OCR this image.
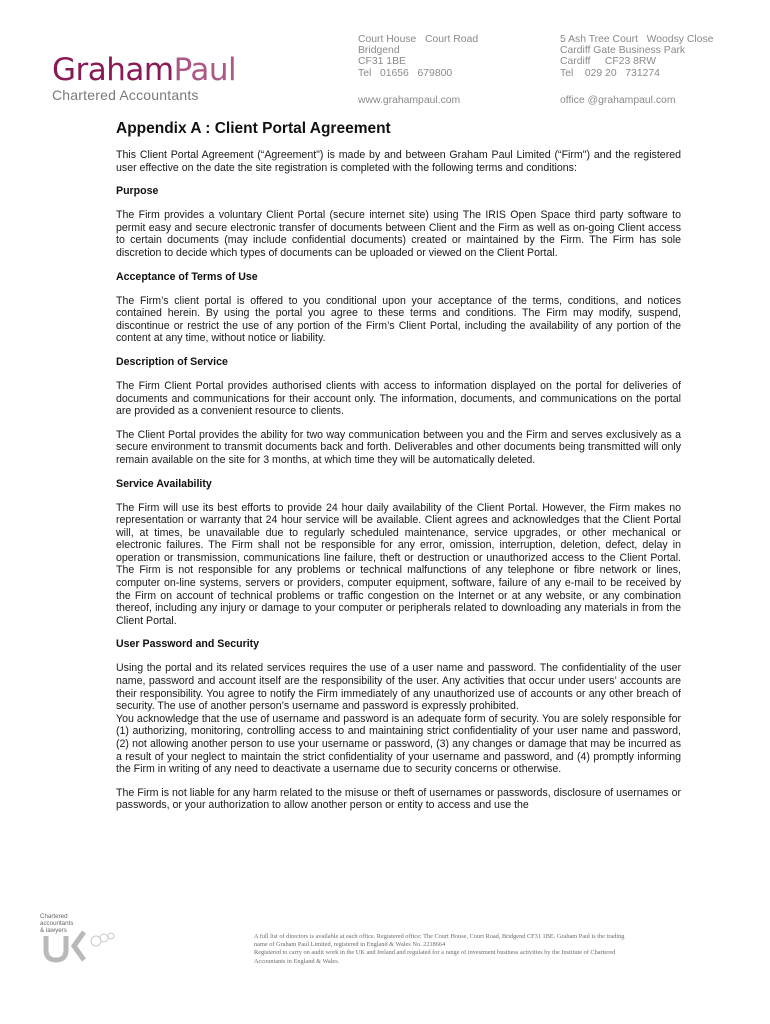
GrahamPaul
Chartered Accountants
Court House   Court Road
Bridgend
CF31 1BE
Tel   01656   679800
www.grahampaul.com
5 Ash Tree Court   Woodsy Close
Cardiff Gate Business Park
Cardiff     CF23 8RW
Tel    029 20   731274
office @grahampaul.com
Appendix A : Client Portal Agreement

This Client Portal Agreement (“Agreement") is made by and between Graham Paul Limited (“Firm") and the registered user effective on the date the site registration is completed with the following terms and conditions:

Purpose

The Firm provides a voluntary Client Portal (secure internet site) using The IRIS Open Space third party software to permit easy and secure electronic transfer of documents between Client and the Firm as well as on-going Client access to certain documents (may include confidential documents) created or maintained by the Firm. The Firm has sole discretion to decide which types of documents can be uploaded or viewed on the Client Portal.

Acceptance of Terms of Use

The Firm’s client portal is offered to you conditional upon your acceptance of the terms, conditions, and notices contained herein. By using the portal you agree to these terms and conditions. The Firm may modify, suspend, discontinue or restrict the use of any portion of the Firm’s Client Portal, including the availability of any portion of the content at any time, without notice or liability.

Description of Service

The Firm Client Portal provides authorised clients with access to information displayed on the portal for deliveries of documents and communications for their account only. The information, documents, and communications on the portal are provided as a convenient resource to clients.

The Client Portal provides the ability for two way communication between you and the Firm and serves exclusively as a secure environment to transmit documents back and forth. Deliverables and other documents being transmitted will only remain available on the site for 3 months, at which time they will be automatically deleted.

Service Availability

The Firm will use its best efforts to provide 24 hour daily availability of the Client Portal. However, the Firm makes no representation or warranty that 24 hour service will be available. Client agrees and acknowledges that the Client Portal will, at times, be unavailable due to regularly scheduled maintenance, service upgrades, or other mechanical or electronic failures. The Firm shall not be responsible for any error, omission, interruption, deletion, defect, delay in operation or transmission, communications line failure, theft or destruction or unauthorized access to the Client Portal. The Firm is not responsible for any problems or technical malfunctions of any telephone or fibre network or lines, computer on-line systems, servers or providers, computer equipment, software, failure of any e-mail to be received by the Firm on account of technical problems or traffic congestion on the Internet or at any website, or any combination thereof, including any injury or damage to your computer or peripherals related to downloading any materials in from the Client Portal.

User Password and Security

Using the portal and its related services requires the use of a user name and password. The confidentiality of the user name, password and account itself are the responsibility of the user. Any activities that occur under users’ accounts are their responsibility. You agree to notify the Firm immediately of any unauthorized use of accounts or any other breach of security. The use of another person’s username and password is expressly prohibited.

You acknowledge that the use of username and password is an adequate form of security. You are solely responsible for (1) authorizing, monitoring, controlling access to and maintaining strict confidentiality of your user name and password, (2) not allowing another person to use your username or password, (3) any changes or damage that may be incurred as a result of your neglect to maintain the strict confidentiality of your username and password, and (4) promptly informing the Firm in writing of any need to deactivate a username due to security concerns or otherwise.

The Firm is not liable for any harm related to the misuse or theft of usernames or passwords, disclosure of usernames or passwords, or your authorization to allow another person or entity to access and use the

Chartered
accountants
& lawyers
A full list of directors is available at each office. Registered office: The Court House, Court Road, Bridgend CF31 1BE. Graham Paul is the trading
name of Graham Paul Limited, registered in England & Wales No. 2218664
Registered to carry on audit work in the UK and Ireland and regulated for a range of investment business activities by the Institute of Chartered
Accountants in England & Wales.
